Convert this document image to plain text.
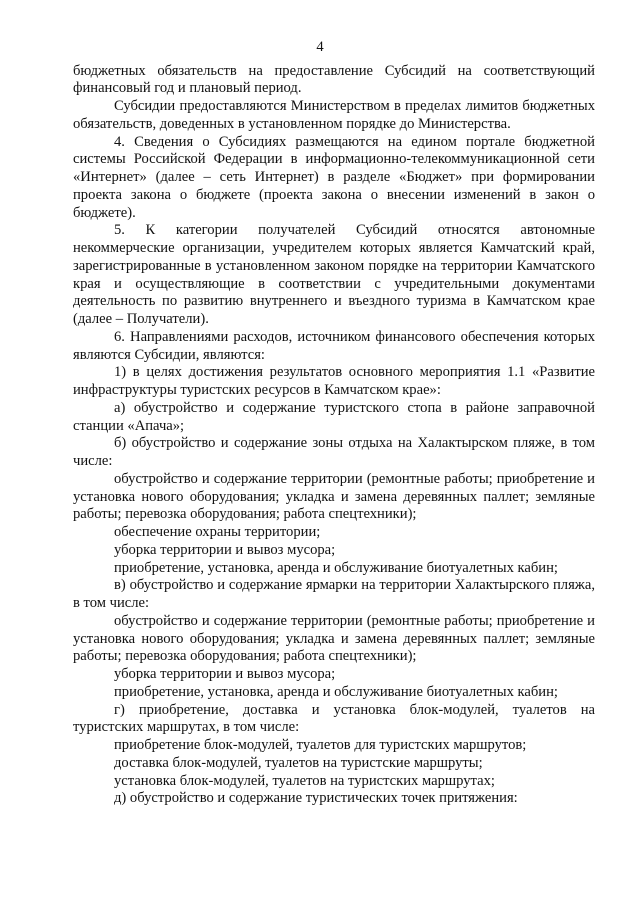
4

бюджетных обязательств на предоставление Субсидий на соответствующий финансовый год и плановый период.

Субсидии предоставляются Министерством в пределах лимитов бюджетных обязательств, доведенных в установленном порядке до Министерства.

4. Сведения о Субсидиях размещаются на едином портале бюджетной системы Российской Федерации в информационно-телекоммуникационной сети «Интернет» (далее – сеть Интернет) в разделе «Бюджет» при формировании проекта закона о бюджете (проекта закона о внесении изменений в закон о бюджете).

5. К категории получателей Субсидий относятся автономные некоммерческие организации, учредителем которых является Камчатский край, зарегистрированные в установленном законом порядке на территории Камчатского края и осуществляющие в соответствии с учредительными документами деятельность по развитию внутреннего и въездного туризма в Камчатском крае (далее – Получатели).

6. Направлениями расходов, источником финансового обеспечения которых являются Субсидии, являются:

1) в целях достижения результатов основного мероприятия 1.1 «Развитие инфраструктуры туристских ресурсов в Камчатском крае»:

а) обустройство и содержание туристского стопа в районе заправочной станции «Апача»;

б) обустройство и содержание зоны отдыха на Халактырском пляже, в том числе:

обустройство и содержание территории (ремонтные работы; приобретение и установка нового оборудования; укладка и замена деревянных паллет; земляные работы; перевозка оборудования; работа спецтехники);

обеспечение охраны территории;

уборка территории и вывоз мусора;

приобретение, установка, аренда и обслуживание биотуалетных кабин;

в) обустройство и содержание ярмарки на территории Халактырского пляжа, в том числе:

обустройство и содержание территории (ремонтные работы; приобретение и установка нового оборудования; укладка и замена деревянных паллет; земляные работы; перевозка оборудования; работа спецтехники);

уборка территории и вывоз мусора;

приобретение, установка, аренда и обслуживание биотуалетных кабин;

г) приобретение, доставка и установка блок-модулей, туалетов на туристских маршрутах, в том числе:

приобретение блок-модулей, туалетов для туристских маршрутов;

доставка блок-модулей, туалетов на туристские маршруты;

установка блок-модулей, туалетов на туристских маршрутах;

д) обустройство и содержание туристических точек притяжения:
